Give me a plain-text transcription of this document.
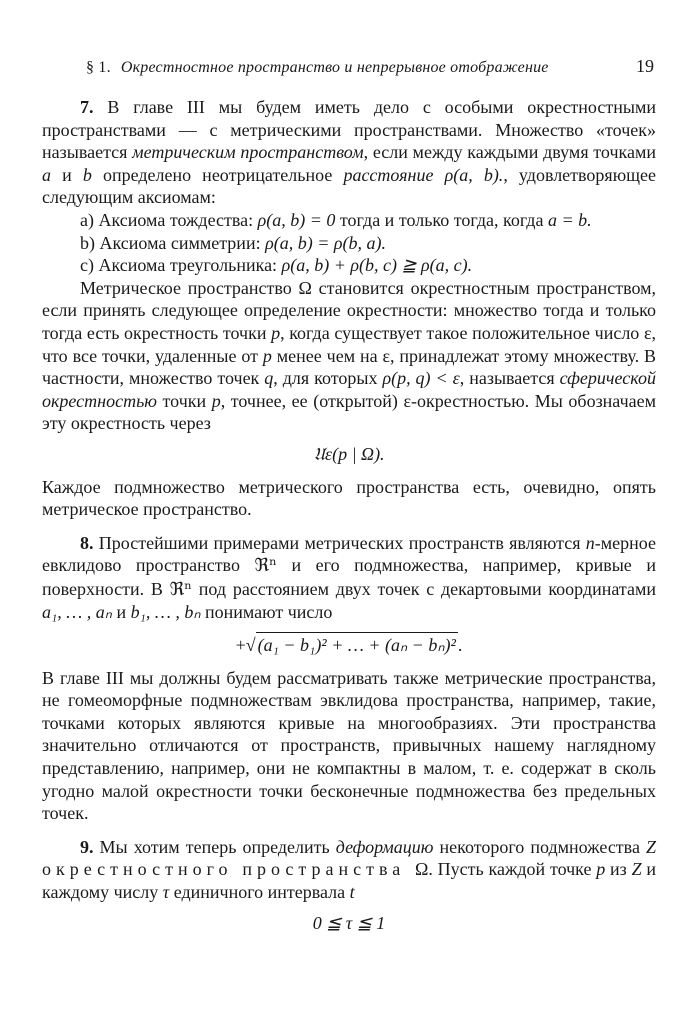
§ 1. Окрестностное пространство и непрерывное отображение	19

7. В главе III мы будем иметь дело с особыми окрестностными пространствами — с метрическими пространствами. Множество «точек» называется метрическим пространством, если между каждыми двумя точками a и b определено неотрицательное расстояние ρ(a, b)., удовлетворяющее следующим аксиомам:

a) Аксиома тождества: ρ(a, b) = 0 тогда и только тогда, когда a = b.

b) Аксиома симметрии: ρ(a, b) = ρ(b, a).

c) Аксиома треугольника: ρ(a, b) + ρ(b, c) ≧ ρ(a, c).

Метрическое пространство Ω становится окрестностным пространством, если принять следующее определение окрестности: множество тогда и только тогда есть окрестность точки p, когда существует такое положительное число ε, что все точки, удаленные от p менее чем на ε, принадлежат этому множеству. В частности, множество точек q, для которых ρ(p, q) < ε, называется сферической окрестностью точки p, точнее, ее (открытой) ε-окрестностью. Мы обозначаем эту окрестность через

𝔘ε(p | Ω).

Каждое подмножество метрического пространства есть, очевидно, опять метрическое пространство.

8. Простейшими примерами метрических пространств являются n-мерное евклидово пространство ℜⁿ и его подмножества, например, кривые и поверхности. В ℜⁿ под расстоянием двух точек с декартовыми координатами a₁, … , aₙ и b₁, … , bₙ понимают число

+√ (a₁ − b₁)² + … + (aₙ − bₙ)² .

В главе III мы должны будем рассматривать также метрические пространства, не гомеоморфные подмножествам эвклидова пространства, например, такие, точками которых являются кривые на многообразиях. Эти пространства значительно отличаются от пространств, привычных нашему наглядному представлению, например, они не компактны в малом, т. е. содержат в сколь угодно малой окрестности точки бесконечные подмножества без предельных точек.

9. Мы хотим теперь определить деформацию некоторого подмножества Z окрестностного пространства Ω. Пусть каждой точке p из Z и каждому числу τ единичного интервала t

0 ≦ τ ≦ 1
